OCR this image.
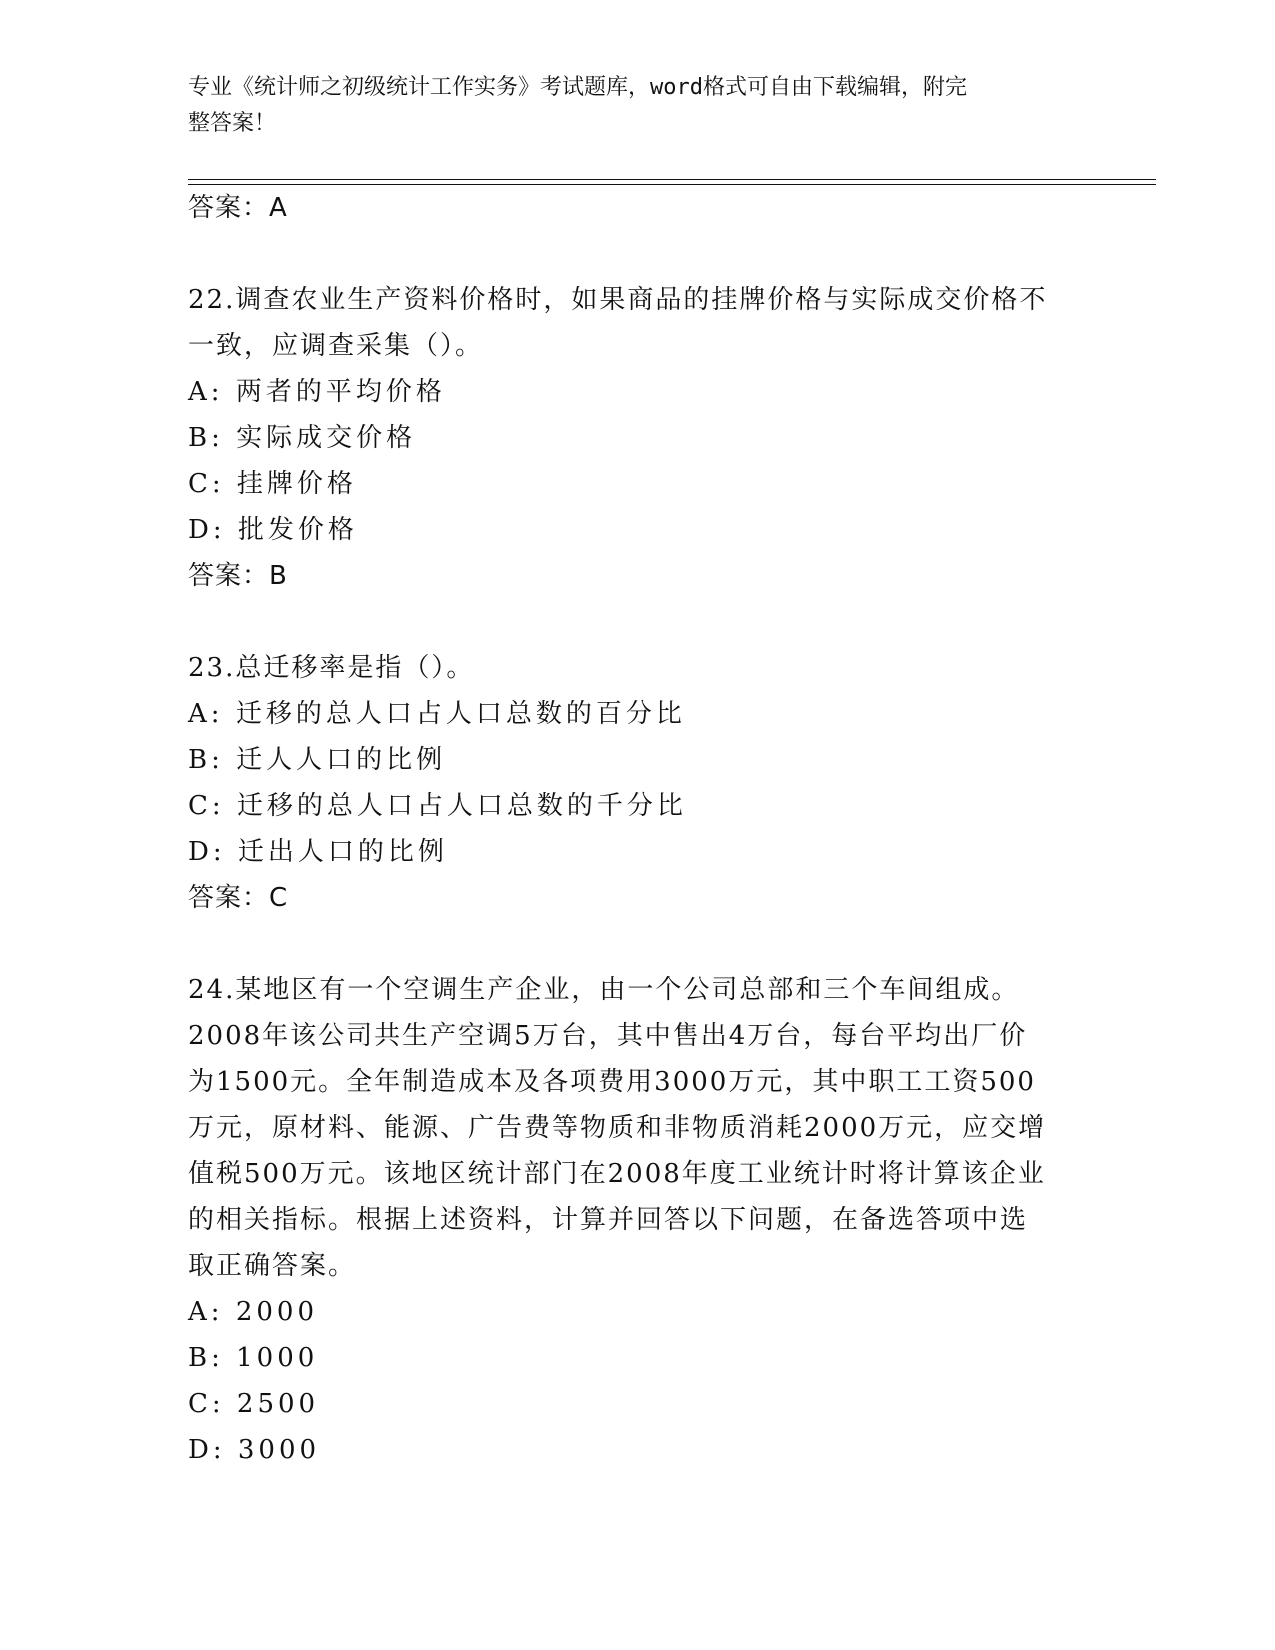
专业《统计师之初级统计工作实务》考试题库，word格式可自由下载编辑，附完
整答案！
答案：A
22.调查农业生产资料价格时，如果商品的挂牌价格与实际成交价格不
一致，应调查采集（）。
A: 两者的平均价格
B: 实际成交价格
C: 挂牌价格
D: 批发价格
答案：B
23.总迁移率是指（）。
A: 迁移的总人口占人口总数的百分比
B: 迁人人口的比例
C: 迁移的总人口占人口总数的千分比
D: 迁出人口的比例
答案：C
24.某地区有一个空调生产企业，由一个公司总部和三个车间组成。
2008年该公司共生产空调5万台，其中售出4万台，每台平均出厂价
为1500元。全年制造成本及各项费用3000万元，其中职工工资500
万元，原材料、能源、广告费等物质和非物质消耗2000万元，应交增
值税500万元。该地区统计部门在2008年度工业统计时将计算该企业
的相关指标。根据上述资料，计算并回答以下问题，在备选答项中选
取正确答案。
A: 2000
B: 1000
C: 2500
D: 3000
